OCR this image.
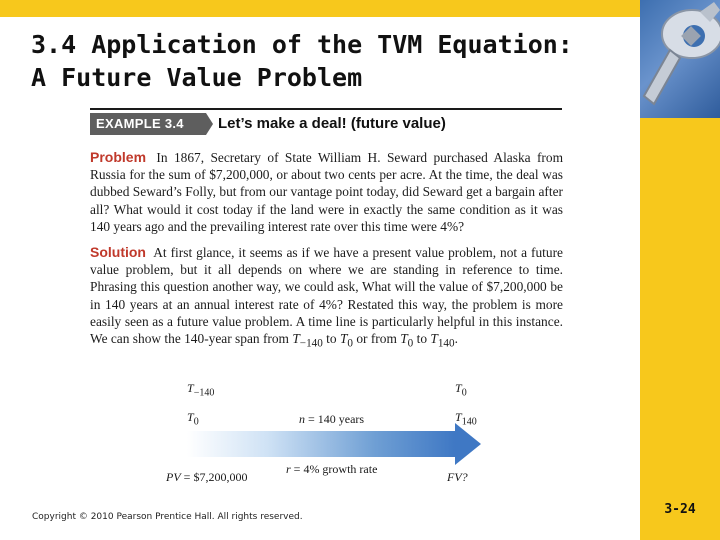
3.4 Application of the TVM Equation:
A Future Value Problem
EXAMPLE 3.4	Let’s make a deal! (future value)

Problem In 1867, Secretary of State William H. Seward purchased Alaska from Russia for the sum of $7,200,000, or about two cents per acre. At the time, the deal was dubbed Seward’s Folly, but from our vantage point today, did Seward get a bargain after all? What would it cost today if the land were in exactly the same condition as it was 140 years ago and the prevailing interest rate over this time were 4%?

Solution At first glance, it seems as if we have a present value problem, not a future value problem, but it all depends on where we are standing in reference to time. Phrasing this question another way, we could ask, What will the value of $7,200,000 be in 140 years at an annual interest rate of 4%? Restated this way, the problem is more easily seen as a future value problem. A time line is particularly helpful in this instance. We can show the 140-year span from $T_{-140}$ to $T_0$ or from $T_0$ to $T_{140}$.

$T_{-140}$
$T_0$
$T_0$
$T_{140}$
n = 140 years
r = 4% growth rate
PV = $7,200,000	FV?
Copyright © 2010 Pearson Prentice Hall. All rights reserved.	3-24
